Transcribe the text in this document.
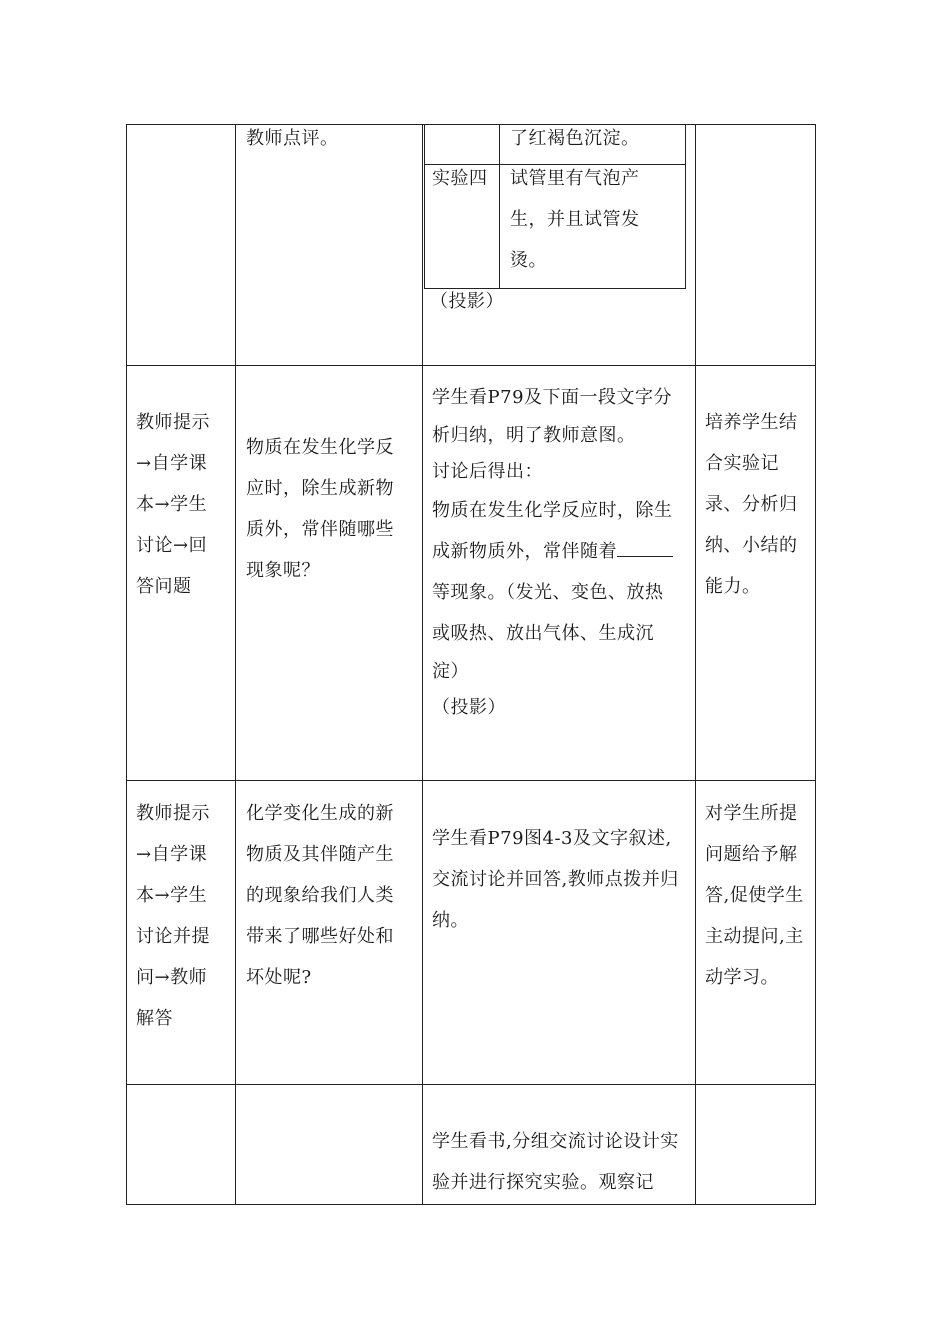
教师点评。	了红褐色沉淀。
实验四	试管里有气泡产生，并且试管发烫。
（投影）
教师提示→自学课本→学生讨论→回答问题
物质在发生化学反应时，除生成新物质外，常伴随哪些现象呢？

学生看P79及下面一段文字分

析归纳，明了教师意图。

讨论后得出：

物质在发生化学反应时，除生

成新物质外，常伴随着

等现象。（发光、变色、放热

或吸热、放出气体、生成沉

淀）

（投影）

培养学生结合实验记录、分析归纳、小结的能力。
教师提示→自学课本→学生讨论并提问→教师解答
化学变化生成的新物质及其伴随产生的现象给我们人类带来了哪些好处和坏处呢?
学生看P79图4-3及文字叙述,交流讨论并回答,教师点拨并归纳。
对学生所提问题给予解答,促使学生主动提问,主动学习。
学生看书,分组交流讨论设计实验并进行探究实验。观察记
